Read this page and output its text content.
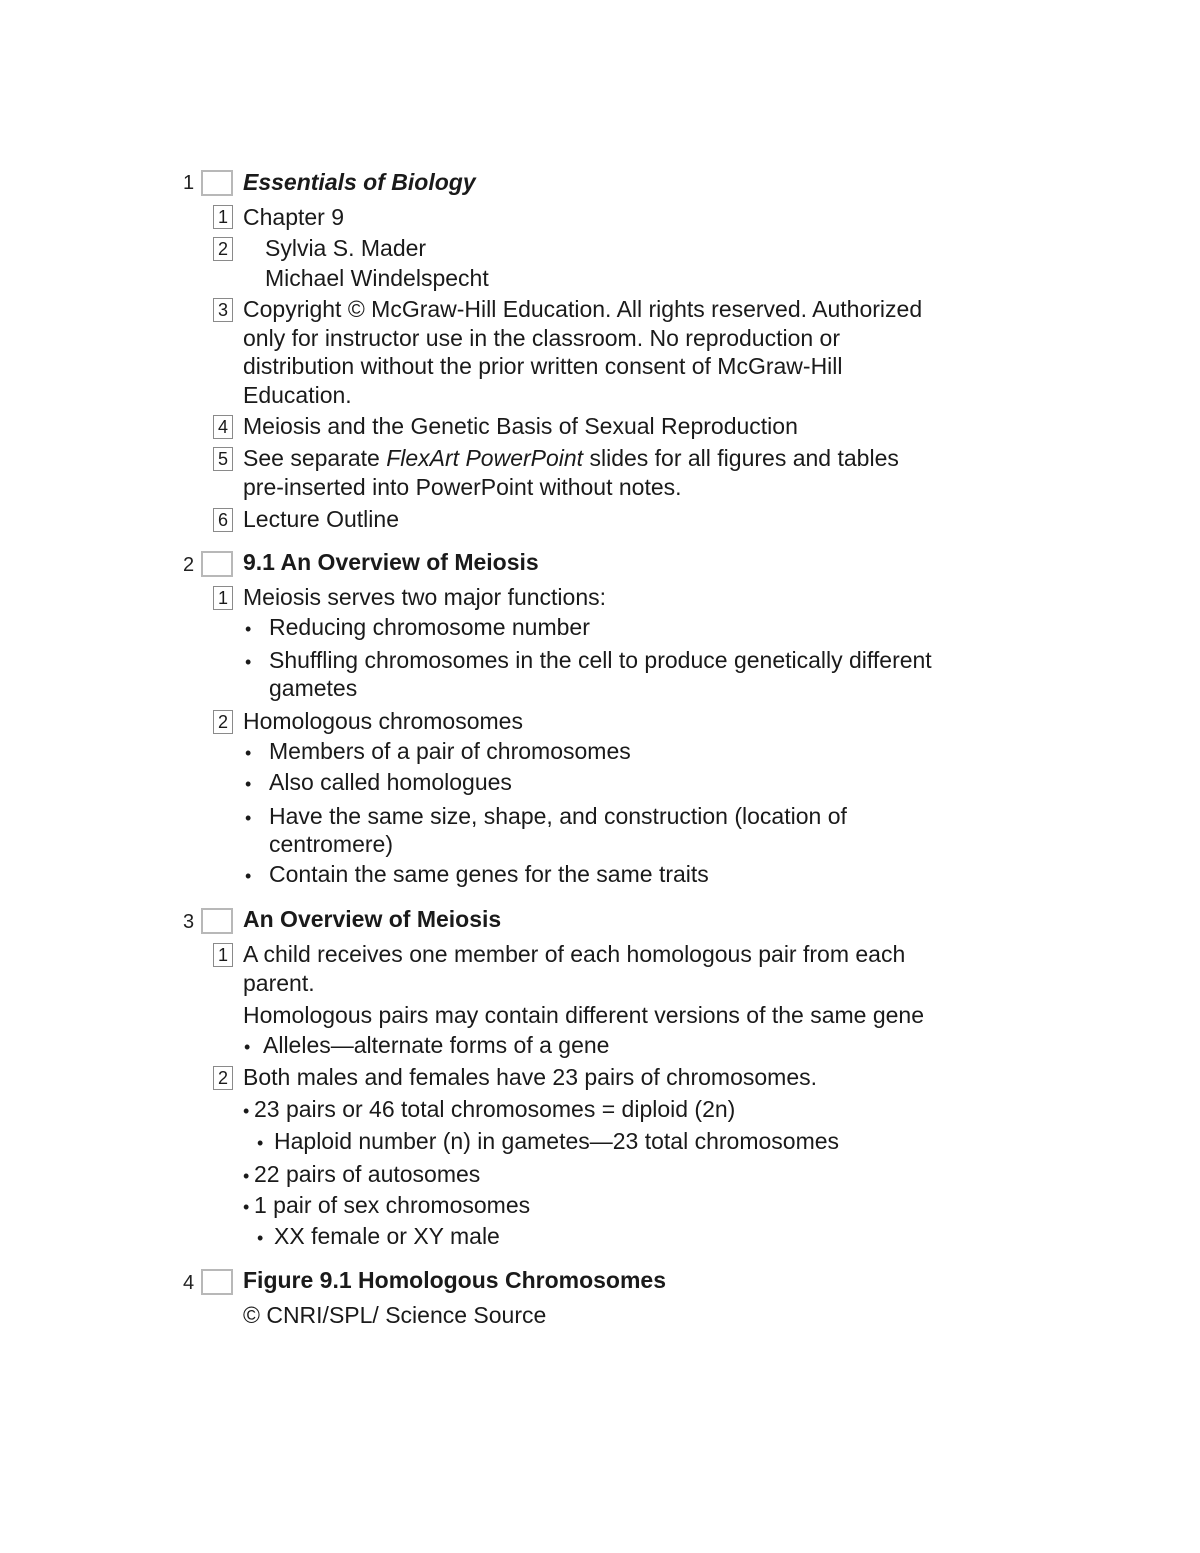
1 Essentials of Biology
1 Chapter 9
2 Sylvia S. Mader
Michael Windelspecht
3 Copyright © McGraw-Hill Education. All rights reserved. Authorized
only for instructor use in the classroom. No reproduction or
distribution without the prior written consent of McGraw-Hill
Education.
4 Meiosis and the Genetic Basis of Sexual Reproduction
5 See separate FlexArt PowerPoint slides for all figures and tables
pre-inserted into PowerPoint without notes.
6 Lecture Outline
2 9.1 An Overview of Meiosis
1 Meiosis serves two major functions:
• Reducing chromosome number
• Shuffling chromosomes in the cell to produce genetically different
gametes
2 Homologous chromosomes
• Members of a pair of chromosomes
• Also called homologues
• Have the same size, shape, and construction (location of
centromere)
• Contain the same genes for the same traits
3 An Overview of Meiosis
1 A child receives one member of each homologous pair from each
parent.
Homologous pairs may contain different versions of the same gene
• Alleles—alternate forms of a gene
2 Both males and females have 23 pairs of chromosomes.
• 23 pairs or 46 total chromosomes = diploid (2n)
• Haploid number (n) in gametes—23 total chromosomes
• 22 pairs of autosomes
• 1 pair of sex chromosomes
• XX female or XY male
4 Figure 9.1 Homologous Chromosomes
© CNRI/SPL/ Science Source
